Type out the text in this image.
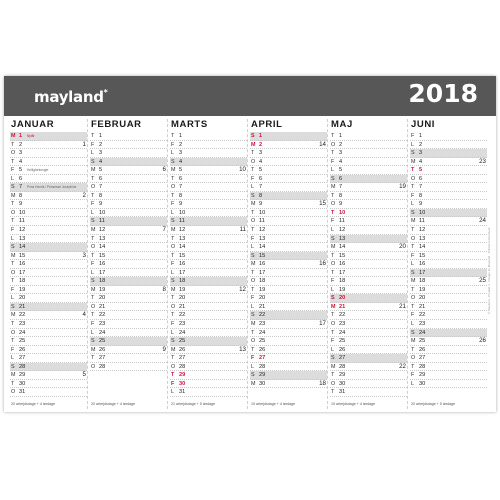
mayland*	2018
JANUAR
M 1 Nytår
T 2	1
O 3
T 4
F 5 Helligtrekonger
L 6
S 7 Prins Henrik / Prinsesse Josephine
M 8	2
T 9
O 10
T 11
F 12
L 13
S 14
M 15	3
T 16
O 17
T 18
F 19
L 20
S 21
M 22	4
T 23
O 24
T 25
F 26
L 27
S 28
M 29	5
T 30
O 31
20 arbejdsdage + 4 lørdage
FEBRUAR
T 1
F 2
L 3
S 4
M 5	6
T 6
O 7
T 8
F 9
L 10
S 11
M 12	7
T 13
O 14
T 15
F 16
L 17
S 18
M 19	8
T 20
O 21
T 22
F 23
L 24
S 25
M 26	9
T 27
O 28
20 arbejdsdage + 4 lørdage
MARTS
T 1
F 2
L 3
S 4
M 5	10
T 6
O 7
T 8
F 9
L 10
S 11
M 12	11
T 13
O 14
T 15
F 16
L 17
S 18
M 19	12
T 20
O 21
T 22
F 23
L 24
S 25
M 26	13
T 27
O 28
T 29
F 30
L 31
21 arbejdsdage + 5 lørdage
APRIL
S 1
M 2	14
T 3
O 4
T 5
F 6
L 7
S 8
M 9	15
T 10
O 11
T 12
F 13
L 14
S 15
M 16	16
T 17
O 18
T 19
F 20
L 21
S 22
M 23	17
T 24
O 25
T 26
F 27
L 28
S 29
M 30	18
19 arbejdsdage + 4 lørdage
MAJ
T 1
O 2
T 3
F 4
L 5
S 6
M 7	19
T 8
O 9
T 10
F 11
L 12
S 13
M 14	20
T 15
O 16
T 17
F 18
L 19
S 20
M 21	21
T 22
O 23
T 24
F 25
L 26
S 27
M 28	22
T 29
O 30
T 31
19 arbejdsdage + 4 lørdage
JUNI
F 1
L 2
S 3
M 4	23
T 5
O 6
T 7
F 8
L 9
S 10
M 11	24
T 12
O 13
T 14
F 15
L 16
S 17
M 18	25
T 19
O 20
T 21
F 22
L 23
S 24
M 25	26
T 26
O 27
T 28
F 29
L 30
20 arbejdsdage + 5 lørdage
© Mayland · Produkt 1 · Design by Mayland · Printed in Denmark
